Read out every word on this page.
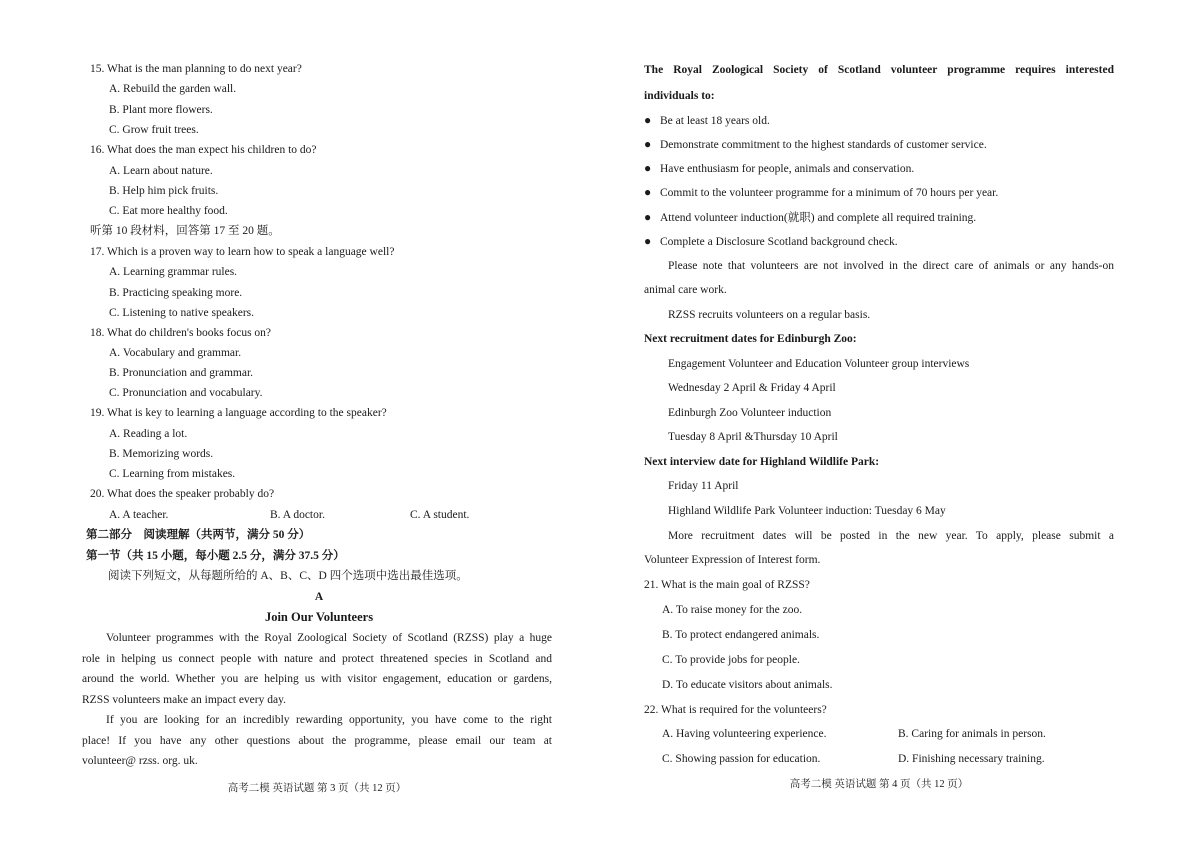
15. What is the man planning to do next year?
A. Rebuild the garden wall.
B. Plant more flowers.
C. Grow fruit trees.
16. What does the man expect his children to do?
A. Learn about nature.
B. Help him pick fruits.
C. Eat more healthy food.
听第 10 段材料，回答第 17 至 20 题。
17. Which is a proven way to learn how to speak a language well?
A. Learning grammar rules.
B. Practicing speaking more.
C. Listening to native speakers.
18. What do children's books focus on?
A. Vocabulary and grammar.
B. Pronunciation and grammar.
C. Pronunciation and vocabulary.
19. What is key to learning a language according to the speaker?
A. Reading a lot.
B. Memorizing words.
C. Learning from mistakes.
20. What does the speaker probably do?
A. A teacher.	B. A doctor.	C. A student.
第二部分　阅读理解（共两节，满分 50 分）
第一节（共 15 小题，每小题 2.5 分，满分 37.5 分）
阅读下列短文，从每题所给的 A、B、C、D 四个选项中选出最佳选项。
A
Join Our Volunteers
Volunteer programmes with the Royal Zoological Society of Scotland (RZSS) play a huge
role in helping us connect people with nature and protect threatened species in Scotland and
around the world. Whether you are helping us with visitor engagement, education or gardens,
RZSS volunteers make an impact every day.
If you are looking for an incredibly rewarding opportunity, you have come to the right
place! If you have any other questions about the programme, please email our team at
volunteer@ rzss. org. uk.
高考二模 英语试题 第 3 页（共 12 页）
The Royal Zoological Society of Scotland volunteer programme requires interested
individuals to:
● Be at least 18 years old.
● Demonstrate commitment to the highest standards of customer service.
● Have enthusiasm for people, animals and conservation.
● Commit to the volunteer programme for a minimum of 70 hours per year.
● Attend volunteer induction(就职) and complete all required training.
● Complete a Disclosure Scotland background check.
Please note that volunteers are not involved in the direct care of animals or any hands-on
animal care work.
RZSS recruits volunteers on a regular basis.
Next recruitment dates for Edinburgh Zoo:
Engagement Volunteer and Education Volunteer group interviews
Wednesday 2 April & Friday 4 April
Edinburgh Zoo Volunteer induction
Tuesday 8 April &Thursday 10 April
Next interview date for Highland Wildlife Park:
Friday 11 April
Highland Wildlife Park Volunteer induction: Tuesday 6 May
More recruitment dates will be posted in the new year. To apply, please submit a
Volunteer Expression of Interest form.
21. What is the main goal of RZSS?
A. To raise money for the zoo.
B. To protect endangered animals.
C. To provide jobs for people.
D. To educate visitors about animals.
22. What is required for the volunteers?
A. Having volunteering experience.	B. Caring for animals in person.
C. Showing passion for education.	D. Finishing necessary training.
高考二模 英语试题 第 4 页（共 12 页）
